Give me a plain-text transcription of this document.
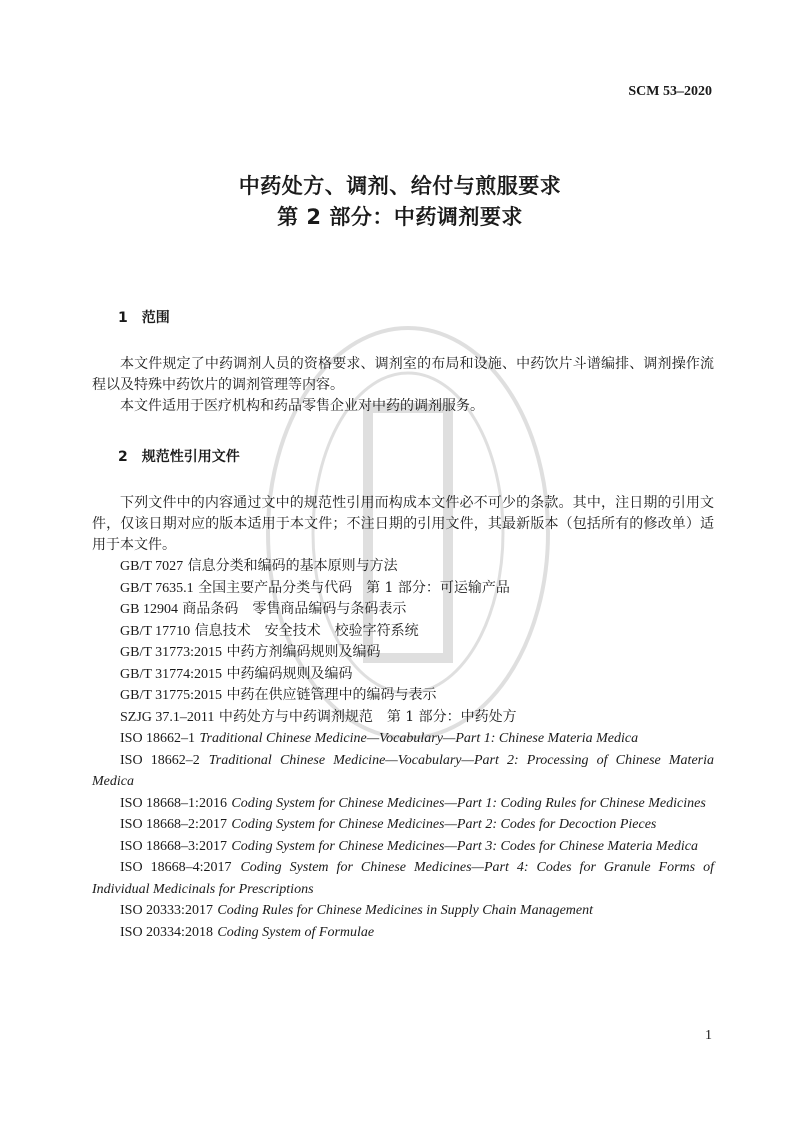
SCM 53–2020
中药处方、调剂、给付与煎服要求
第 2 部分：中药调剂要求
1　范围
本文件规定了中药调剂人员的资格要求、调剂室的布局和设施、中药饮片斗谱编排、调剂操作流程以及特殊中药饮片的调剂管理等内容。
本文件适用于医疗机构和药品零售企业对中药的调剂服务。
2　规范性引用文件
下列文件中的内容通过文中的规范性引用而构成本文件必不可少的条款。其中，注日期的引用文件，仅该日期对应的版本适用于本文件；不注日期的引用文件，其最新版本（包括所有的修改单）适用于本文件。
GB/T 7027 信息分类和编码的基本原则与方法
GB/T 7635.1 全国主要产品分类与代码　第 1 部分：可运输产品
GB 12904 商品条码　零售商品编码与条码表示
GB/T 17710 信息技术　安全技术　校验字符系统
GB/T 31773:2015 中药方剂编码规则及编码
GB/T 31774:2015 中药编码规则及编码
GB/T 31775:2015 中药在供应链管理中的编码与表示
SZJG 37.1–2011 中药处方与中药调剂规范　第 1 部分：中药处方
ISO 18662–1 Traditional Chinese Medicine—Vocabulary—Part 1: Chinese Materia Medica
ISO 18662–2 Traditional Chinese Medicine—Vocabulary—Part 2: Processing of Chinese Materia Medica
ISO 18668–1:2016 Coding System for Chinese Medicines—Part 1: Coding Rules for Chinese Medicines
ISO 18668–2:2017 Coding System for Chinese Medicines—Part 2: Codes for Decoction Pieces
ISO 18668–3:2017 Coding System for Chinese Medicines—Part 3: Codes for Chinese Materia Medica
ISO 18668–4:2017 Coding System for Chinese Medicines—Part 4: Codes for Granule Forms of Individual Medicinals for Prescriptions
ISO 20333:2017 Coding Rules for Chinese Medicines in Supply Chain Management
ISO 20334:2018 Coding System of Formulae
1
